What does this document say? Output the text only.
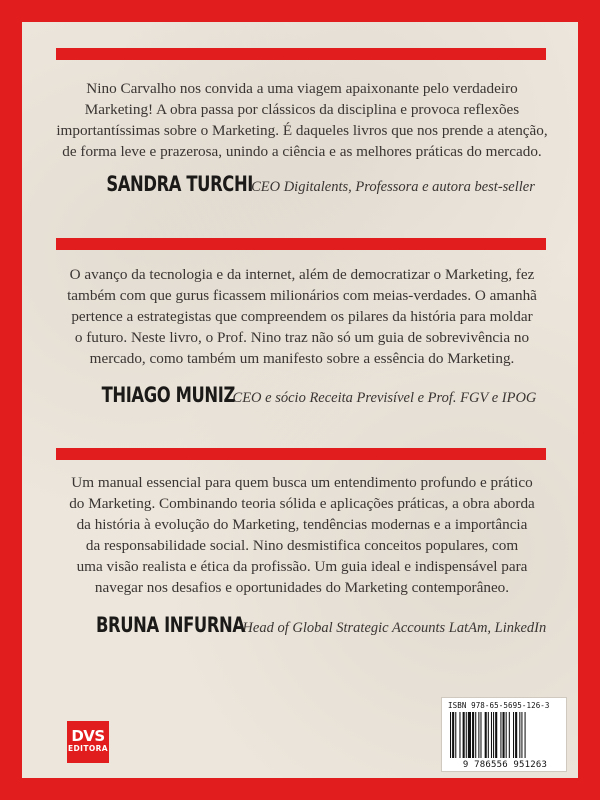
Nino Carvalho nos convida a uma viagem apaixonante pelo verdadeiro
Marketing! A obra passa por clássicos da disciplina e provoca reflexões
importantíssimas sobre o Marketing. É daqueles livros que nos prende a atenção,
de forma leve e prazerosa, unindo a ciência e as melhores práticas do mercado.

SANDRA TURCHI CEO Digitalents, Professora e autora best-seller

O avanço da tecnologia e da internet, além de democratizar o Marketing, fez
também com que gurus ficassem milionários com meias-verdades. O amanhã
pertence a estrategistas que compreendem os pilares da história para moldar
o futuro. Neste livro, o Prof. Nino traz não só um guia de sobrevivência no
mercado, como também um manifesto sobre a essência do Marketing.

THIAGO MUNIZ CEO e sócio Receita Previsível e Prof. FGV e IPOG

Um manual essencial para quem busca um entendimento profundo e prático
do Marketing. Combinando teoria sólida e aplicações práticas, a obra aborda
da história à evolução do Marketing, tendências modernas e a importância
da responsabilidade social. Nino desmistifica conceitos populares, com
uma visão realista e ética da profissão. Um guia ideal e indispensável para
navegar nos desafios e oportunidades do Marketing contemporâneo.

BRUNA INFURNA Head of Global Strategic Accounts LatAm, LinkedIn
DVS
EDITORA
ISBN 978-65-5695-126-3
9 786556 951263
